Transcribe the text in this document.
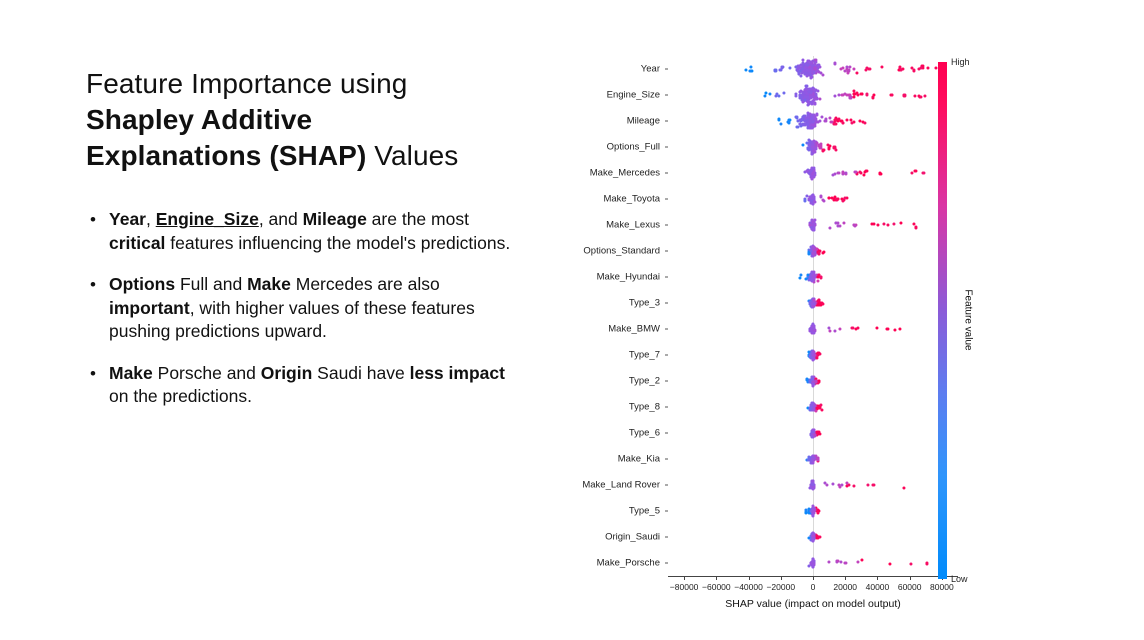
Feature Importance using
Shapley Additive
Explanations (SHAP) Values
• Year, Engine_Size, and Mileage are the most critical features influencing the model's predictions.
• Options Full and Make Mercedes are also important, with higher values of these features pushing predictions upward.
• Make Porsche and Origin Saudi have less impact on the predictions.
SHAP value (impact on model output)
−80000 −60000 −40000 −20000 0 20000 40000 60000 80000
Year
Engine_Size
Mileage
Options_Full
Make_Mercedes
Make_Toyota
Make_Lexus
Options_Standard
Make_Hyundai
Type_3
Make_BMW
Type_7
Type_2
Type_8
Type_6
Make_Kia
Make_Land Rover
Type_5
Origin_Saudi
Make_Porsche
High
Low
Feature value
